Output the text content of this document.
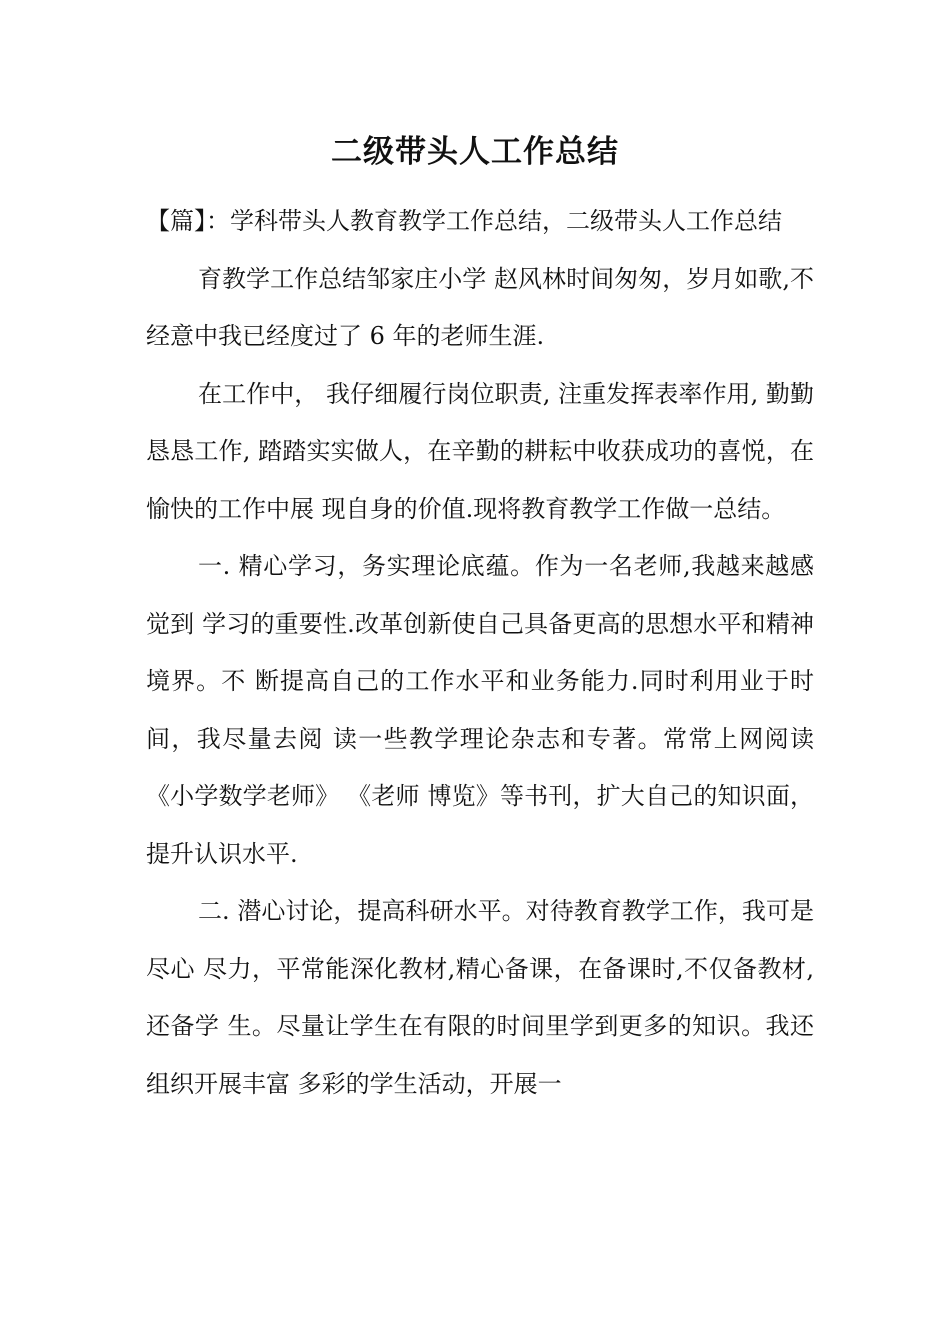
二级带头人工作总结

【篇】：学科带头人教育教学工作总结，二级带头人工作总结

育教学工作总结邹家庄小学 赵风林时间匆匆，岁月如歌,不经意中我已经度过了 6 年的老师生涯.

在工作中， 我仔细履行岗位职责, 注重发挥表率作用, 勤勤恳恳工作, 踏踏实实做人，在辛勤的耕耘中收获成功的喜悦，在愉快的工作中展 现自身的价值.现将教育教学工作做一总结。

一. 精心学习，务实理论底蕴。作为一名老师,我越来越感觉到 学习的重要性.改革创新使自己具备更高的思想水平和精神境界。不 断提高自己的工作水平和业务能力.同时利用业于时间，我尽量去阅 读一些教学理论杂志和专著。常常上网阅读《小学数学老师》 《老师 博览》等书刊，扩大自己的知识面，提升认识水平.

二. 潜心讨论，提高科研水平。对待教育教学工作，我可是尽心 尽力，平常能深化教材,精心备课，在备课时,不仅备教材,还备学 生。尽量让学生在有限的时间里学到更多的知识。我还组织开展丰富 多彩的学生活动，开展一
